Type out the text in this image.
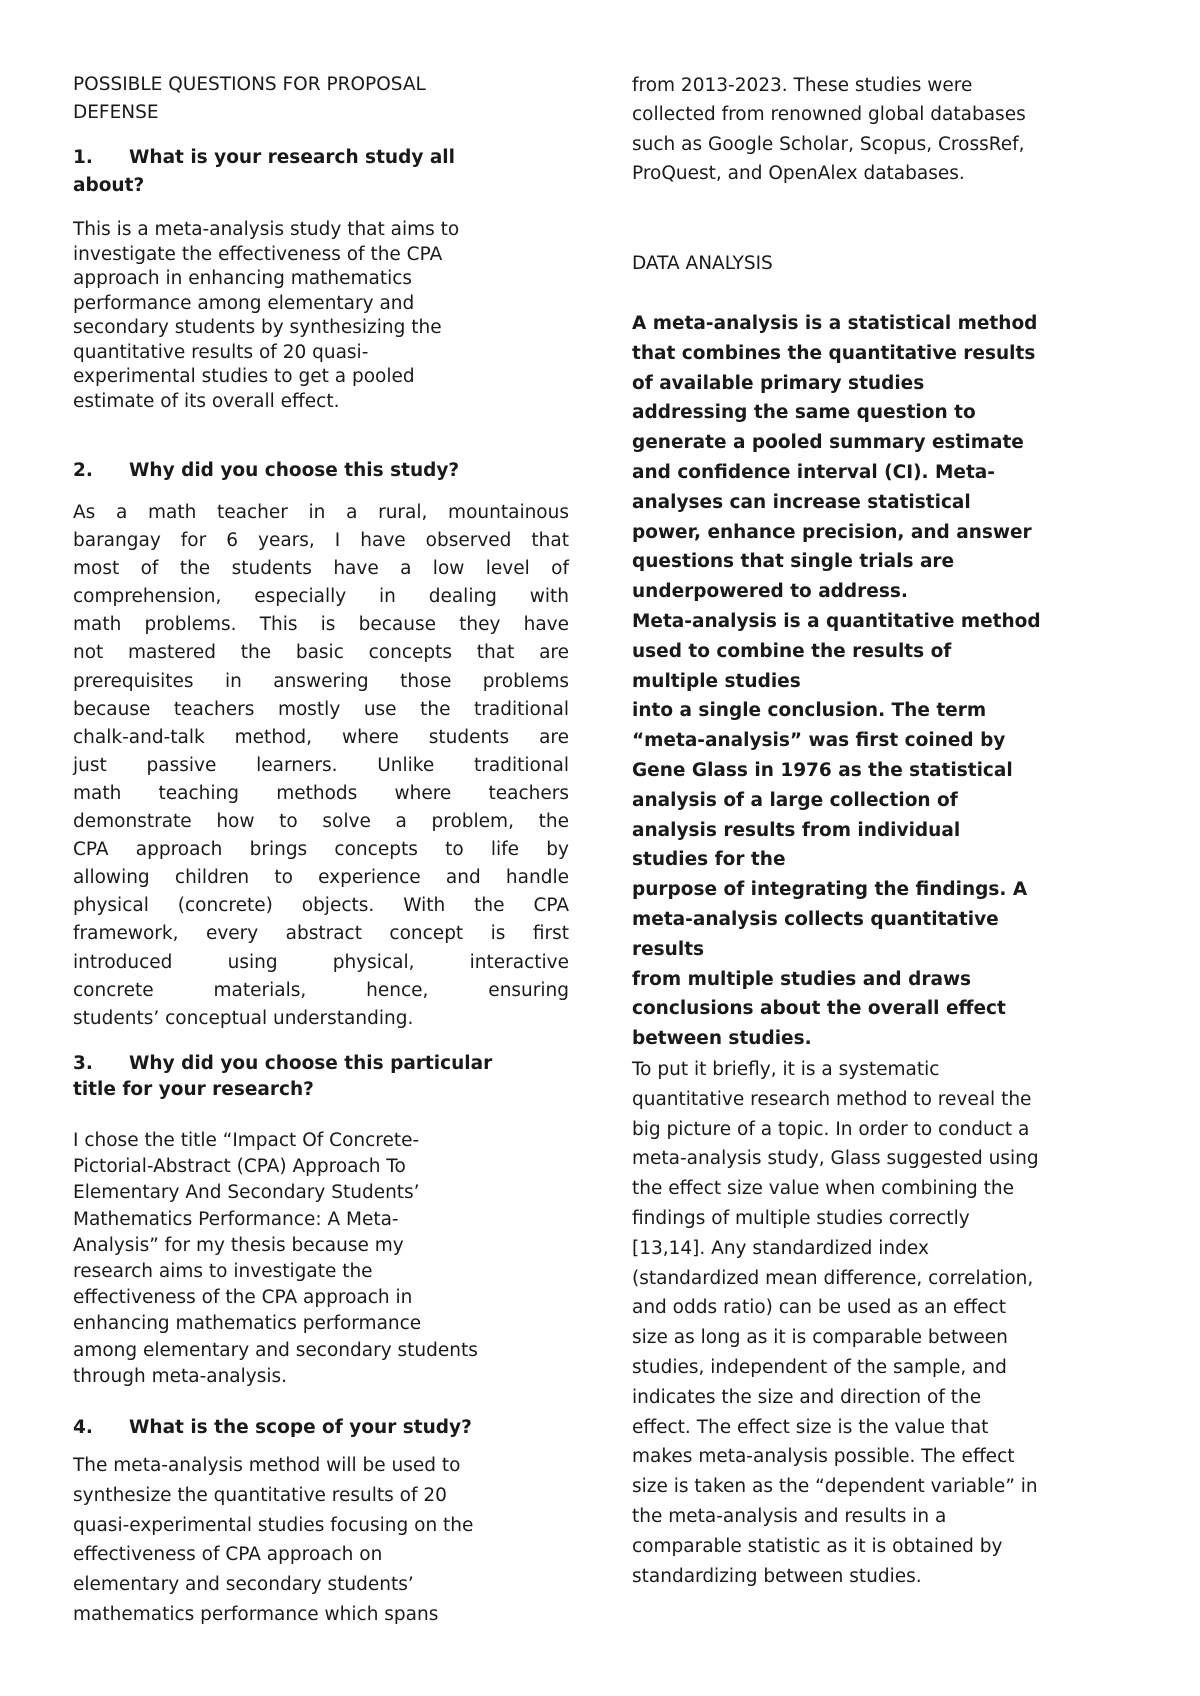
POSSIBLE QUESTIONS FOR PROPOSAL
DEFENSE
1. What is your research study all
about?
This is a meta-analysis study that aims to
investigate the effectiveness of the CPA
approach in enhancing mathematics
performance among elementary and
secondary students by synthesizing the
quantitative results of 20 quasi-
experimental studies to get a pooled
estimate of its overall effect.
2. Why did you choose this study?
As a math teacher in a rural, mountainous
barangay for 6 years, I have observed that
most of the students have a low level of
comprehension, especially in dealing with
math problems. This is because they have
not mastered the basic concepts that are
prerequisites in answering those problems
because teachers mostly use the traditional
chalk-and-talk method, where students are
just passive learners. Unlike traditional
math teaching methods where teachers
demonstrate how to solve a problem, the
CPA approach brings concepts to life by
allowing children to experience and handle
physical (concrete) objects. With the CPA
framework, every abstract concept is first
introduced using physical, interactive
concrete materials, hence, ensuring
students’ conceptual understanding.
3. Why did you choose this particular
title for your research?
I chose the title “Impact Of Concrete-
Pictorial-Abstract (CPA) Approach To
Elementary And Secondary Students’
Mathematics Performance: A Meta-
Analysis” for my thesis because my
research aims to investigate the
effectiveness of the CPA approach in
enhancing mathematics performance
among elementary and secondary students
through meta-analysis.
4. What is the scope of your study?
The meta-analysis method will be used to
synthesize the quantitative results of 20
quasi-experimental studies focusing on the
effectiveness of CPA approach on
elementary and secondary students’
mathematics performance which spans
from 2013-2023. These studies were
collected from renowned global databases
such as Google Scholar, Scopus, CrossRef,
ProQuest, and OpenAlex databases.
DATA ANALYSIS
A meta-analysis is a statistical method
that combines the quantitative results
of available primary studies
addressing the same question to
generate a pooled summary estimate
and confidence interval (CI). Meta-
analyses can increase statistical
power, enhance precision, and answer
questions that single trials are
underpowered to address.
Meta-analysis is a quantitative method
used to combine the results of
multiple studies
into a single conclusion. The term
“meta-analysis” was first coined by
Gene Glass in 1976 as the statistical
analysis of a large collection of
analysis results from individual
studies for the
purpose of integrating the findings. A
meta-analysis collects quantitative
results
from multiple studies and draws
conclusions about the overall effect
between studies.
To put it briefly, it is a systematic
quantitative research method to reveal the
big picture of a topic. In order to conduct a
meta-analysis study, Glass suggested using
the effect size value when combining the
findings of multiple studies correctly
[13,14]. Any standardized index
(standardized mean difference, correlation,
and odds ratio) can be used as an effect
size as long as it is comparable between
studies, independent of the sample, and
indicates the size and direction of the
effect. The effect size is the value that
makes meta-analysis possible. The effect
size is taken as the “dependent variable” in
the meta-analysis and results in a
comparable statistic as it is obtained by
standardizing between studies.
